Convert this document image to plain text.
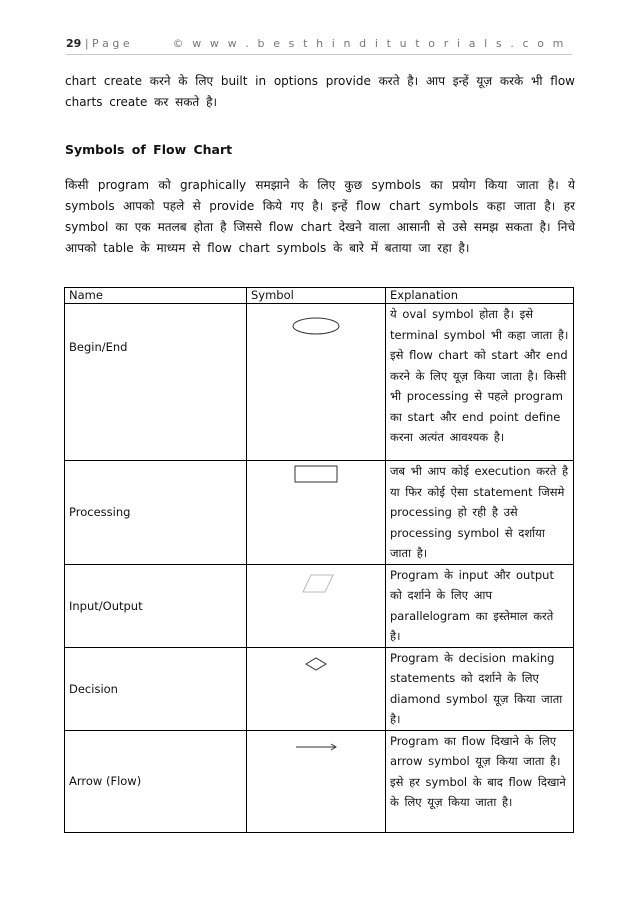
29 | P a g e	© w w w . b e s t h i n d i t u t o r i a l s . c o m
chart create करने के लिए built in options provide करते है। आप इन्हें यूज़ करके भी flow charts create कर सकते है।
Symbols of Flow Chart
किसी program को graphically समझाने के लिए कुछ symbols का प्रयोग किया जाता है। ये symbols आपको पहले से provide किये गए है। इन्हें flow chart symbols कहा जाता है। हर symbol का एक मतलब होता है जिससे flow chart देखने वाला आसानी से उसे समझ सकता है। निचे आपको table के माध्यम से flow chart symbols के बारे में बताया जा रहा है।
Name	Symbol	Explanation
Begin/End		ये oval symbol होता है। इसे terminal symbol भी कहा जाता है। इसे flow chart को start और end करने के लिए यूज़ किया जाता है। किसी भी processing से पहले program का start और end point define करना अत्यंत आवश्यक है।
Processing		जब भी आप कोई execution करते है या फिर कोई ऐसा statement जिसमे processing हो रही है उसे processing symbol से दर्शाया जाता है।
Input/Output		Program के input और output को दर्शाने के लिए आप parallelogram का इस्तेमाल करते है।
Decision		Program के decision making statements को दर्शाने के लिए diamond symbol यूज़ किया जाता है।
Arrow (Flow)		Program का flow दिखाने के लिए arrow symbol यूज़ किया जाता है। इसे हर symbol के बाद flow दिखाने के लिए यूज़ किया जाता है।
